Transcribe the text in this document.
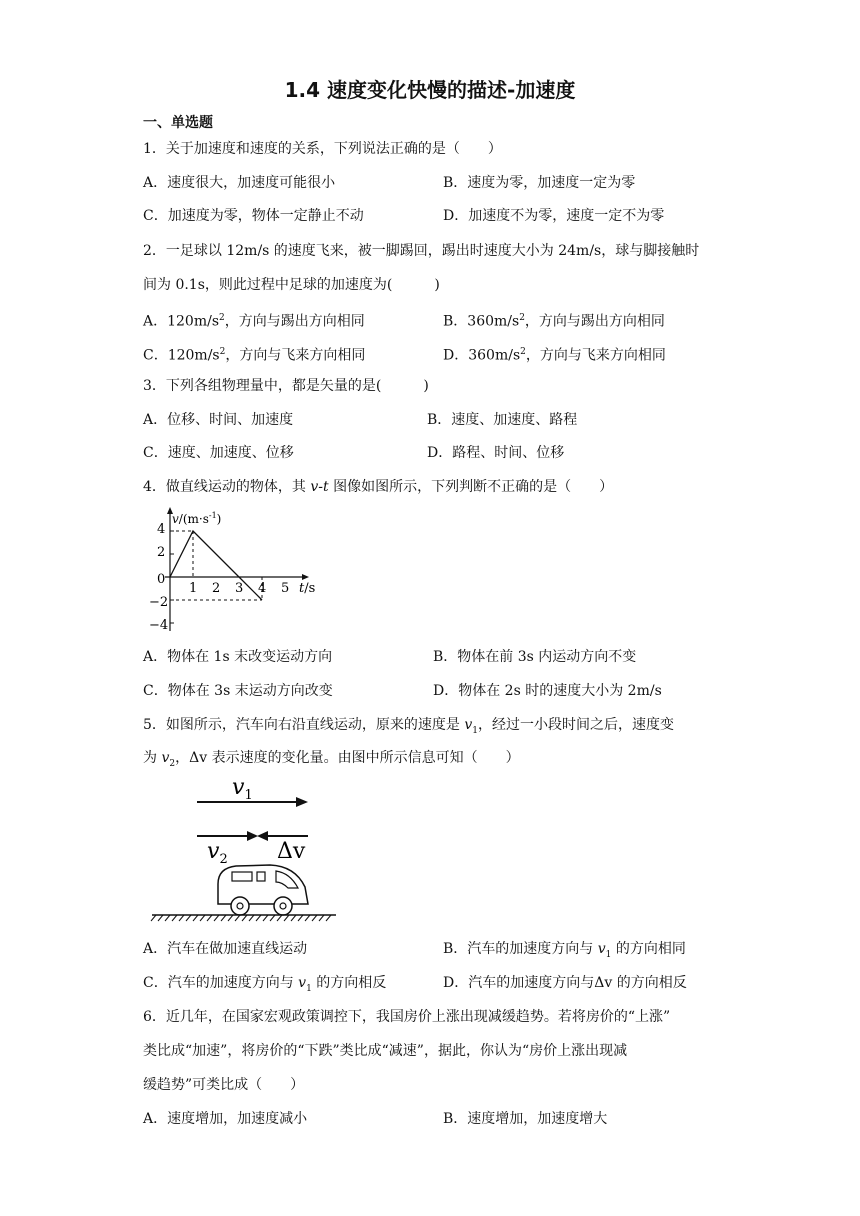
1.4 速度变化快慢的描述-加速度
一、单选题
1．关于加速度和速度的关系，下列说法正确的是（　　）
A．速度很大，加速度可能很小	B．速度为零，加速度一定为零
C．加速度为零，物体一定静止不动	D．加速度不为零，速度一定不为零
2．一足球以 12m/s 的速度飞来，被一脚踢回，踢出时速度大小为 24m/s，球与脚接触时
间为 0.1s，则此过程中足球的加速度为(　　　)
A．$120m/s^2$，方向与踢出方向相同	B．$360m/s^2$，方向与踢出方向相同
C．$120m/s^2$，方向与飞来方向相同	D．$360m/s^2$，方向与飞来方向相同
3．下列各组物理量中，都是矢量的是(　　　)
A．位移、时间、加速度	B．速度、加速度、路程
C．速度、加速度、位移	D．路程、时间、位移
4．做直线运动的物体，其 v-t 图像如图所示，下列判断不正确的是（　　）
$v/(m\cdot s^{-1})$
t/s
4
2
0
−2
−4
1 2 3 4 5
A．物体在 1s 末改变运动方向	B．物体在前 3s 内运动方向不变
C．物体在 3s 末运动方向改变	D．物体在 2s 时的速度大小为 2m/s
5．如图所示，汽车向右沿直线运动，原来的速度是 $v_1$，经过一小段时间之后，速度变
为 $v_2$，Δv 表示速度的变化量。由图中所示信息可知（　　）
$v_1$
$v_2$ Δv
A．汽车在做加速直线运动	B．汽车的加速度方向与 $v_1$ 的方向相同
C．汽车的加速度方向与 $v_1$ 的方向相反	D．汽车的加速度方向与Δv 的方向相反
6．近几年，在国家宏观政策调控下，我国房价上涨出现减缓趋势。若将房价的“上涨”
类比成“加速”，将房价的“下跌”类比成“减速”，据此，你认为“房价上涨出现减
缓趋势”可类比成（　　）
A．速度增加，加速度减小	B．速度增加，加速度增大
